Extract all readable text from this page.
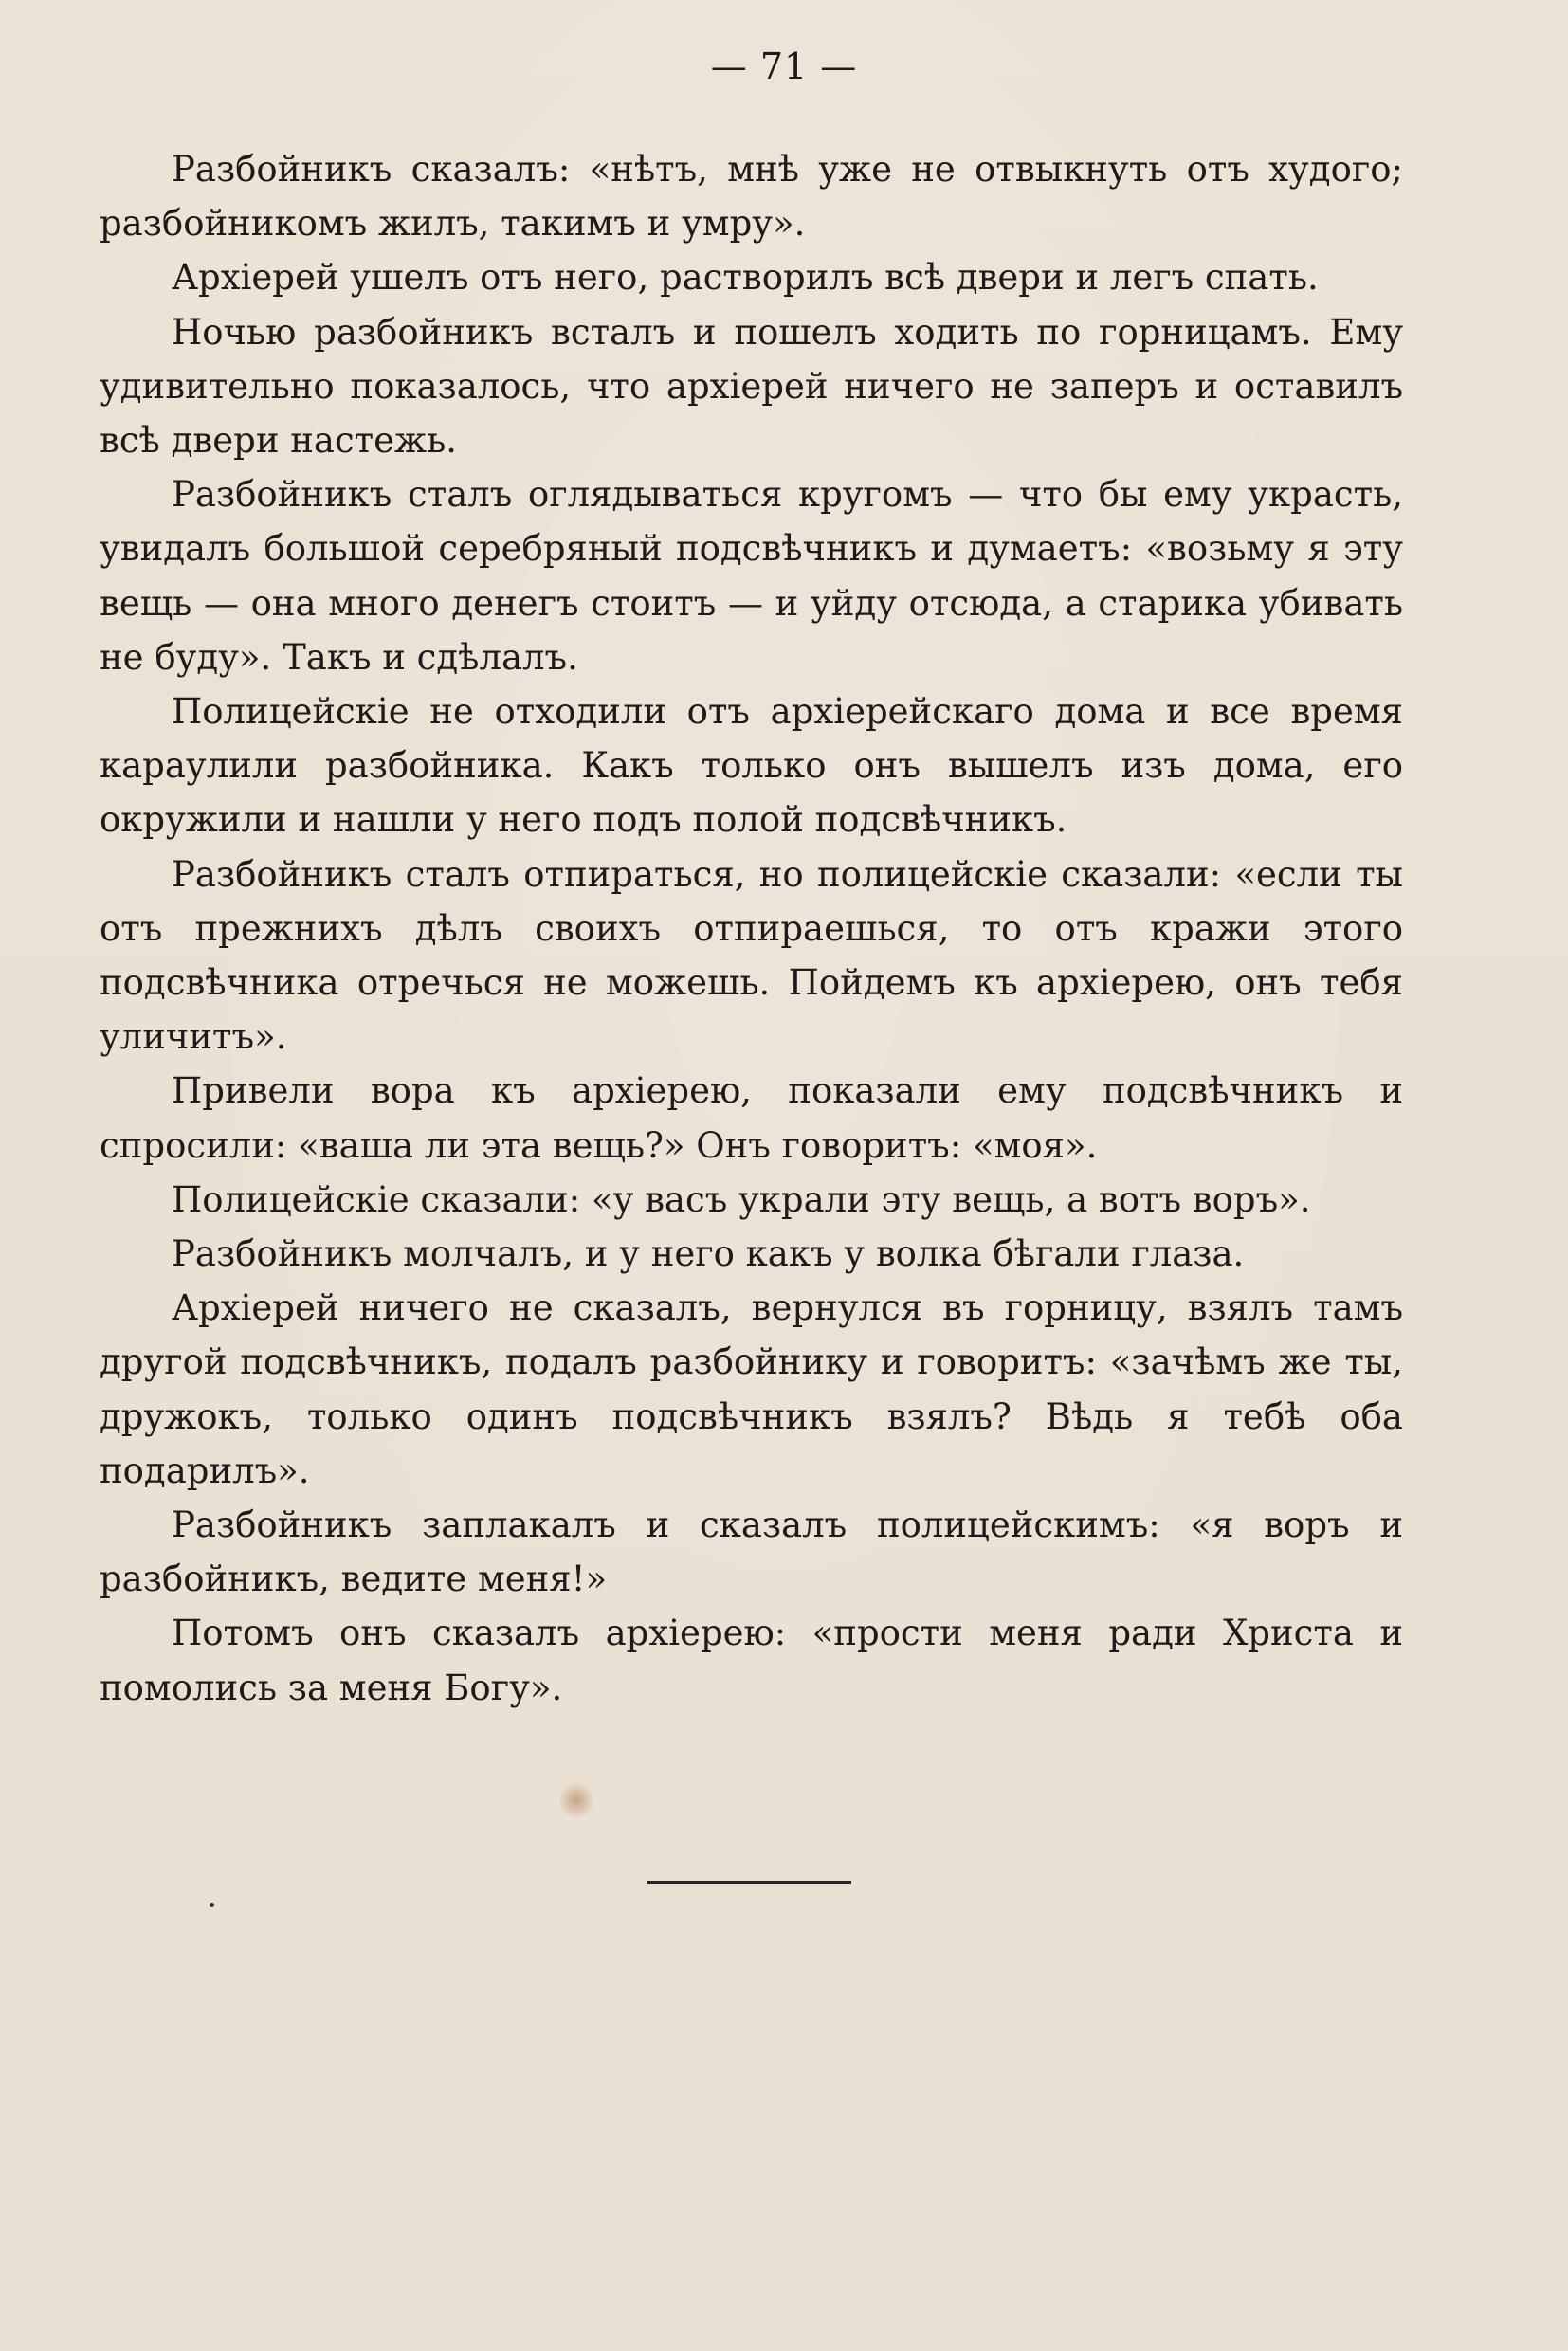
— 71 —

Разбойникъ сказалъ: «нѣтъ, мнѣ уже не отвыкнуть отъ худого; разбойникомъ жилъ, такимъ и умру».

Архіерей ушелъ отъ него, растворилъ всѣ двери и легъ спать.

Ночью разбойникъ всталъ и пошелъ ходить по горницамъ. Ему удивительно показалось, что архіерей ничего не заперъ и оставилъ всѣ двери настежь.

Разбойникъ сталъ оглядываться кругомъ — что бы ему украсть, увидалъ большой серебряный подсвѣчникъ и думаетъ: «возьму я эту вещь — она много денегъ стоитъ — и уйду отсюда, а старика убивать не буду». Такъ и сдѣлалъ.

Полицейскіе не отходили отъ архіерейскаго дома и все время караулили разбойника. Какъ только онъ вышелъ изъ дома, его окружили и нашли у него подъ полой подсвѣчникъ.

Разбойникъ сталъ отпираться, но полицейскіе сказали: «если ты отъ прежнихъ дѣлъ своихъ отпираешься, то отъ кражи этого подсвѣчника отречься не можешь. Пойдемъ къ архіерею, онъ тебя уличитъ».

Привели вора къ архіерею, показали ему подсвѣчникъ и спросили: «ваша ли эта вещь?» Онъ говоритъ: «моя».

Полицейскіе сказали: «у васъ украли эту вещь, а вотъ воръ».

Разбойникъ молчалъ, и у него какъ у волка бѣгали глаза.

Архіерей ничего не сказалъ, вернулся въ горницу, взялъ тамъ другой подсвѣчникъ, подалъ разбойнику и говоритъ: «зачѣмъ же ты, дружокъ, только одинъ подсвѣчникъ взялъ? Вѣдь я тебѣ оба подарилъ».

Разбойникъ заплакалъ и сказалъ полицейскимъ: «я воръ и разбойникъ, ведите меня!»

Потомъ онъ сказалъ архіерею: «прости меня ради Христа и помолись за меня Богу».
